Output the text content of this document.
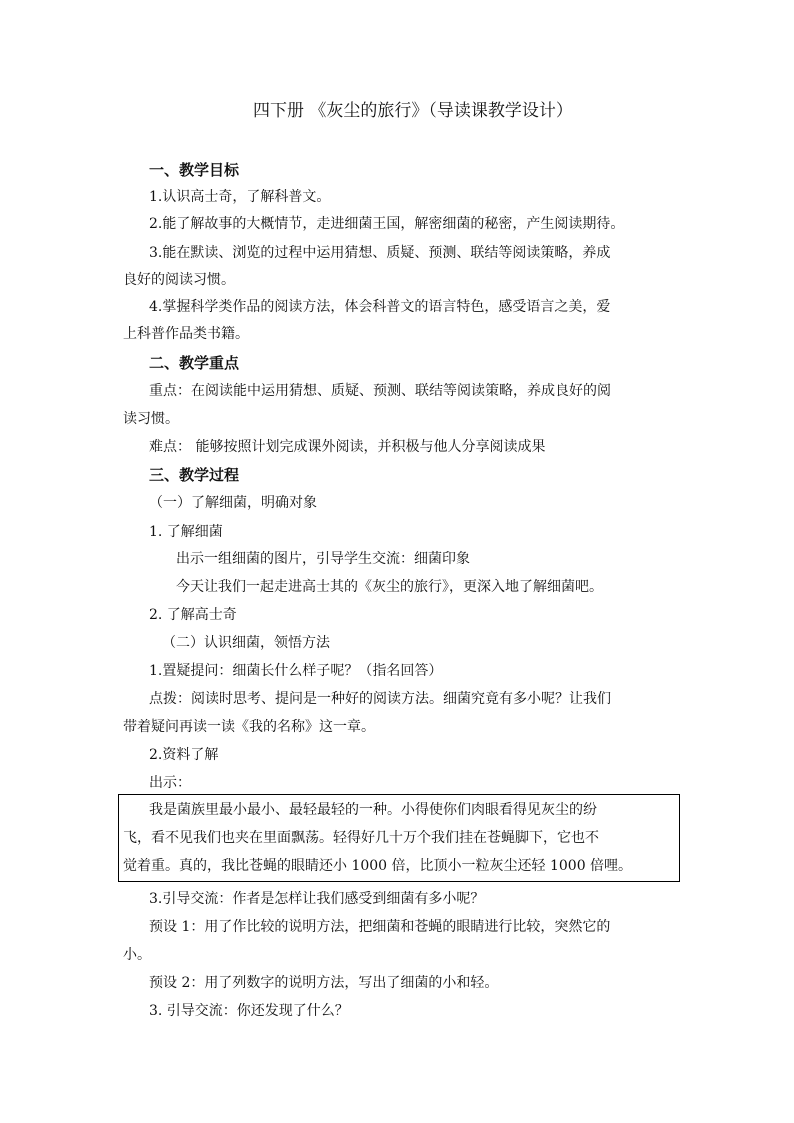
四下册 《灰尘的旅行》（导读课教学设计）
一、教学目标
1.认识高士奇，了解科普文。
2.能了解故事的大概情节，走进细菌王国，解密细菌的秘密，产生阅读期待。
3.能在默读、浏览的过程中运用猜想、质疑、预测、联结等阅读策略，养成
良好的阅读习惯。
4.掌握科学类作品的阅读方法，体会科普文的语言特色，感受语言之美，爱
上科普作品类书籍。
二、教学重点
重点：在阅读能中运用猜想、质疑、预测、联结等阅读策略，养成良好的阅
读习惯。
难点： 能够按照计划完成课外阅读，并积极与他人分享阅读成果
三、教学过程
（一）了解细菌，明确对象
1. 了解细菌
出示一组细菌的图片，引导学生交流：细菌印象
今天让我们一起走进高士其的《灰尘的旅行》，更深入地了解细菌吧。
2. 了解高士奇
（二）认识细菌，领悟方法
1.置疑提问：细菌长什么样子呢？（指名回答）
点拨：阅读时思考、提问是一种好的阅读方法。细菌究竟有多小呢？让我们
带着疑问再读一读《我的名称》这一章。
2.资料了解
出示：
我是菌族里最小最小、最轻最轻的一种。小得使你们肉眼看得见灰尘的纷
飞，看不见我们也夹在里面飘荡。轻得好几十万个我们挂在苍蝇脚下，它也不
觉着重。真的，我比苍蝇的眼睛还小 1000 倍，比顶小一粒灰尘还轻 1000 倍哩。
3.引导交流：作者是怎样让我们感受到细菌有多小呢？
预设 1：用了作比较的说明方法，把细菌和苍蝇的眼睛进行比较，突然它的
小。
预设 2：用了列数字的说明方法，写出了细菌的小和轻。
3. 引导交流：你还发现了什么？
